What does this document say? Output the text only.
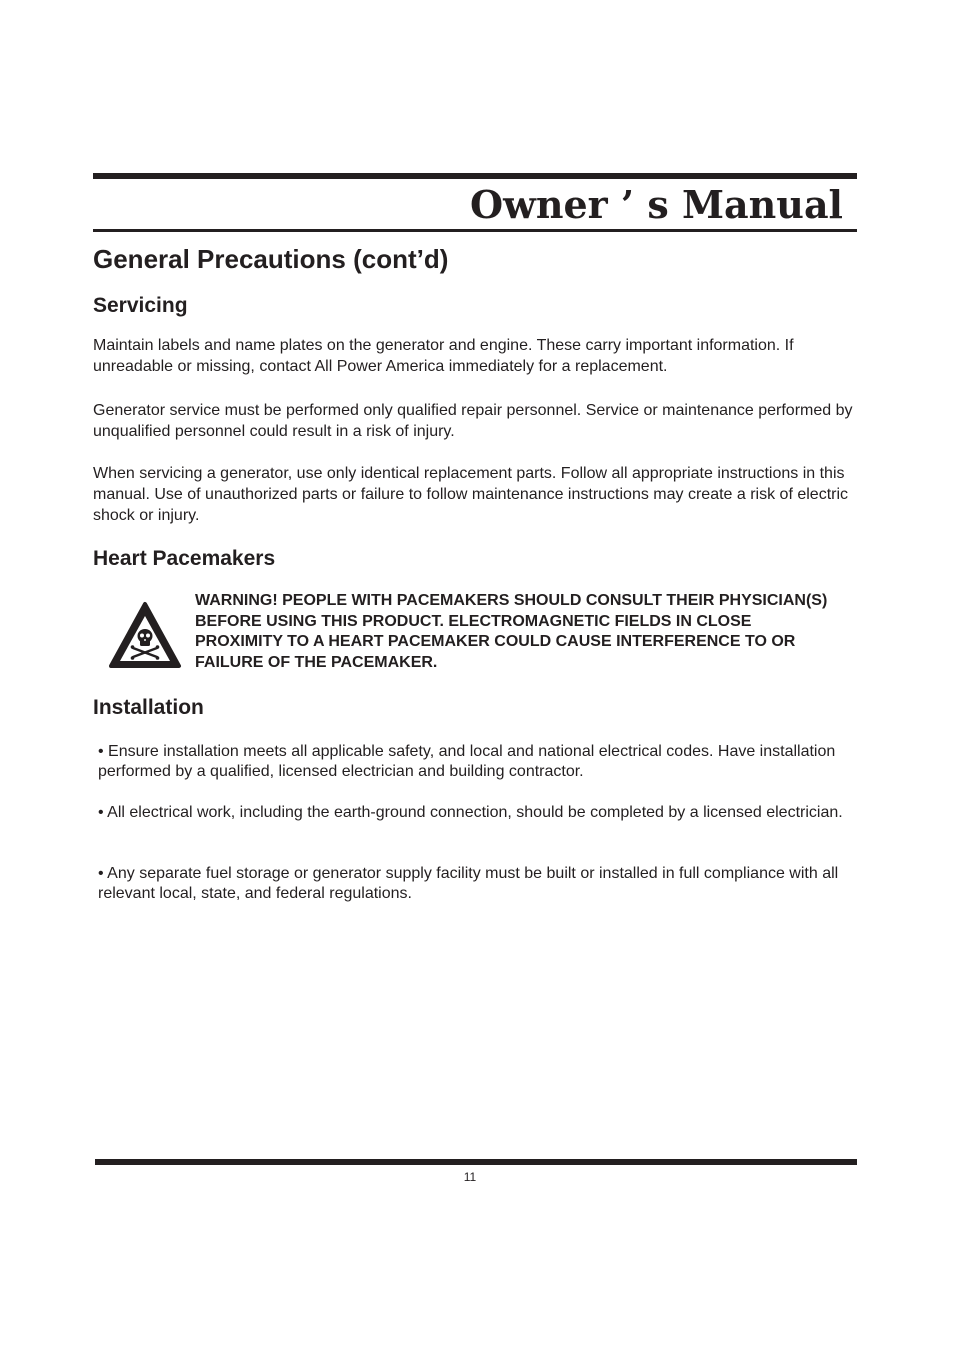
Owner ’ s Manual
General Precautions (cont’d)
Servicing

Maintain labels and name plates on the generator and engine. These carry important information. If unreadable or missing, contact All Power America immediately for a replacement.

Generator service must be performed only qualified repair personnel. Service or maintenance performed by unqualified personnel could result in a risk of injury.

When servicing a generator, use only identical replacement parts. Follow all appropriate instructions in this manual. Use of unauthorized parts or failure to follow maintenance instructions may create a risk of electric shock or injury.

Heart Pacemakers

WARNING! PEOPLE WITH PACEMAKERS SHOULD CONSULT THEIR PHYSICIAN(S) BEFORE USING THIS PRODUCT. ELECTROMAGNETIC FIELDS IN CLOSE PROXIMITY TO A HEART PACEMAKER COULD CAUSE INTERFERENCE TO OR FAILURE OF THE PACEMAKER.

Installation

• Ensure installation meets all applicable safety, and local and national electrical codes. Have installation performed by a qualified, licensed electrician and building contractor.

• All electrical work, including the earth-ground connection, should be completed by a licensed electrician.

• Any separate fuel storage or generator supply facility must be built or installed in full compliance with all relevant local, state, and federal regulations.

11
